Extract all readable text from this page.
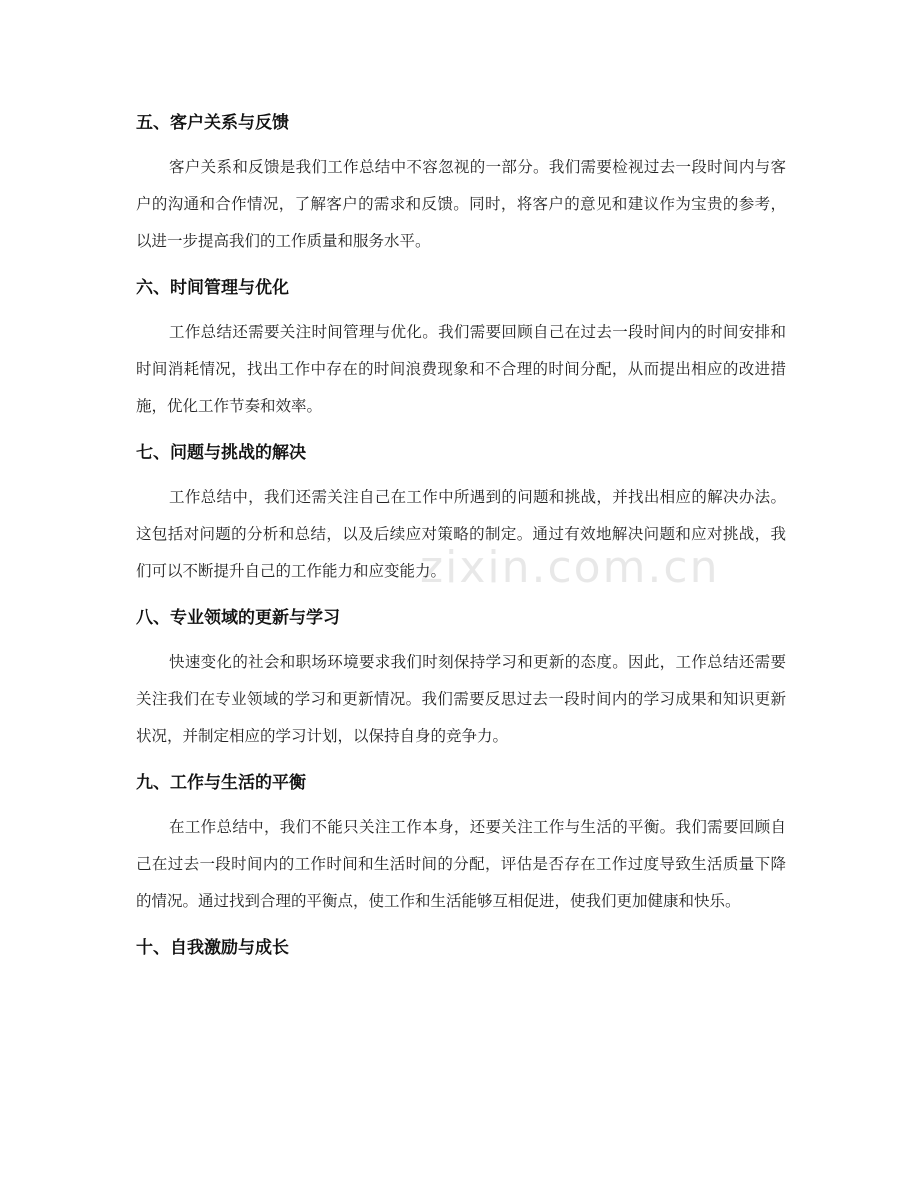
五、客户关系与反馈

客户关系和反馈是我们工作总结中不容忽视的一部分。我们需要检视过去一段时间内与客户的沟通和合作情况，了解客户的需求和反馈。同时，将客户的意见和建议作为宝贵的参考，以进一步提高我们的工作质量和服务水平。

六、时间管理与优化

工作总结还需要关注时间管理与优化。我们需要回顾自己在过去一段时间内的时间安排和时间消耗情况，找出工作中存在的时间浪费现象和不合理的时间分配，从而提出相应的改进措施，优化工作节奏和效率。

七、问题与挑战的解决

工作总结中，我们还需关注自己在工作中所遇到的问题和挑战，并找出相应的解决办法。这包括对问题的分析和总结，以及后续应对策略的制定。通过有效地解决问题和应对挑战，我们可以不断提升自己的工作能力和应变能力。

八、专业领域的更新与学习

快速变化的社会和职场环境要求我们时刻保持学习和更新的态度。因此，工作总结还需要关注我们在专业领域的学习和更新情况。我们需要反思过去一段时间内的学习成果和知识更新状况，并制定相应的学习计划，以保持自身的竞争力。

九、工作与生活的平衡

在工作总结中，我们不能只关注工作本身，还要关注工作与生活的平衡。我们需要回顾自己在过去一段时间内的工作时间和生活时间的分配，评估是否存在工作过度导致生活质量下降的情况。通过找到合理的平衡点，使工作和生活能够互相促进，使我们更加健康和快乐。

十、自我激励与成长
zixin.com.cn
